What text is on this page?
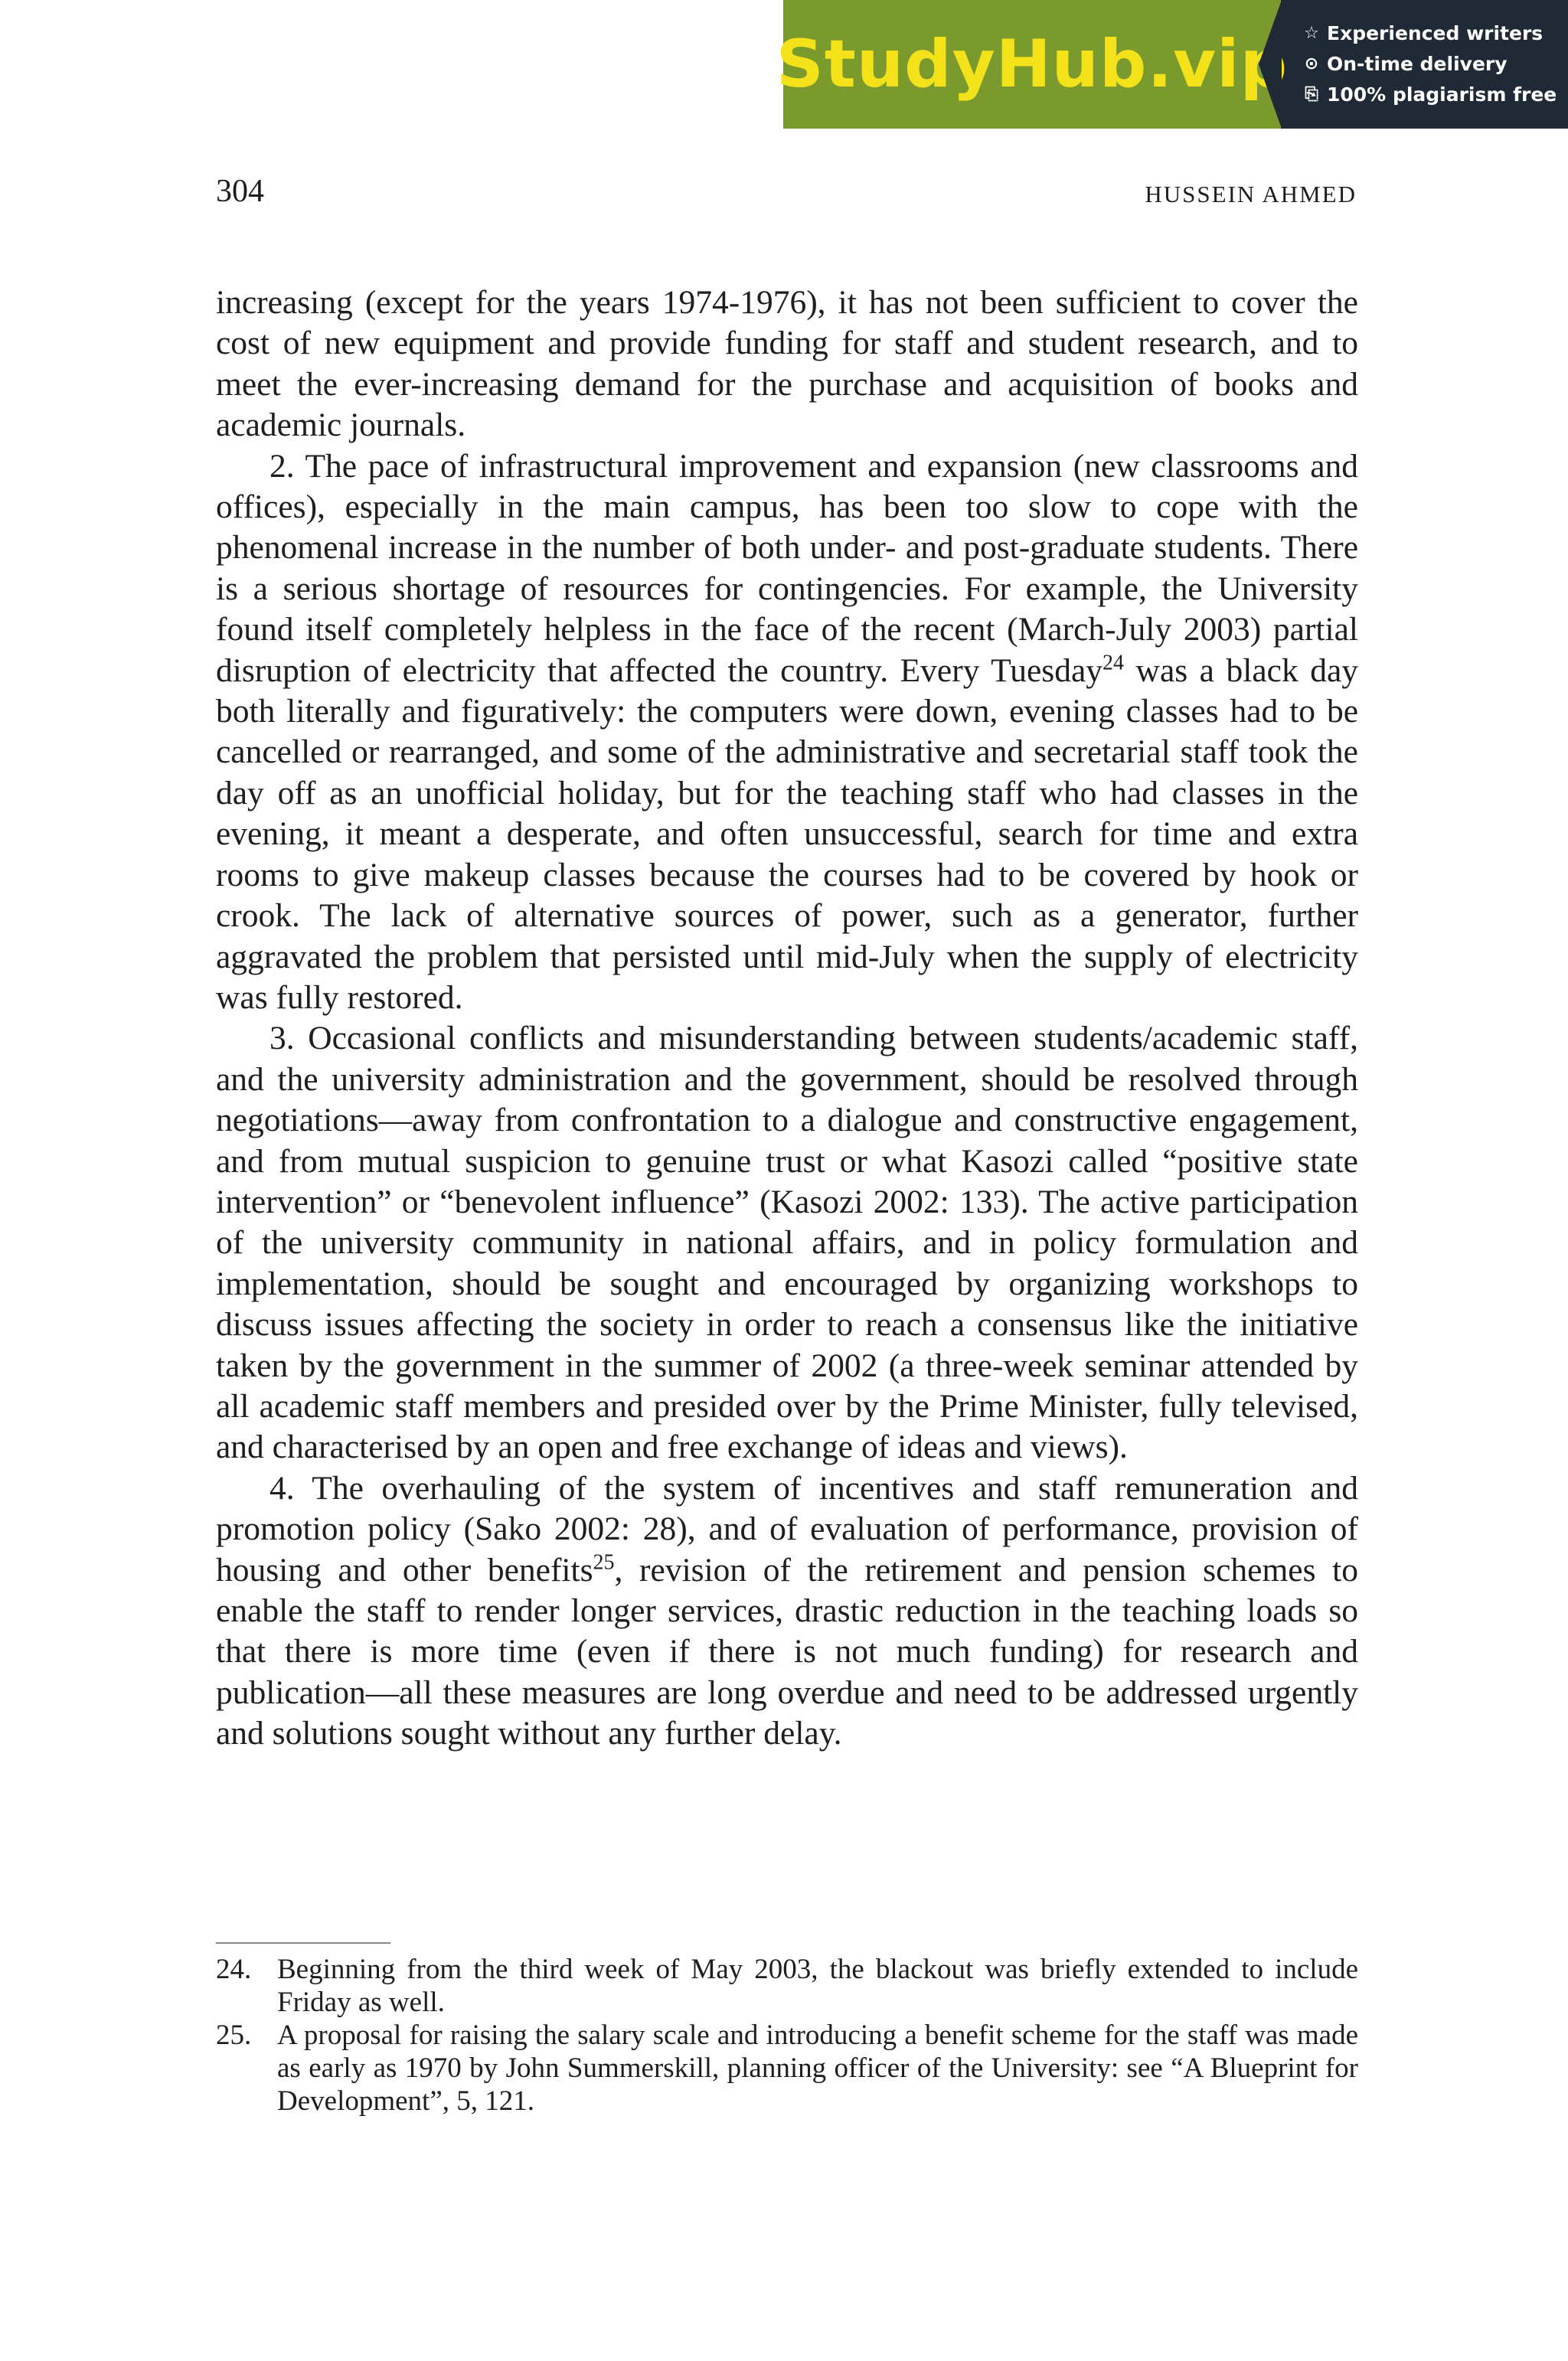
StudyHub.vip ☆ Experienced writers
⊙ On-time delivery
⎘ 100% plagiarism free
304	HUSSEIN AHMED

increasing (except for the years 1974-1976), it has not been sufficient to cover the cost of new equipment and provide funding for staff and student research, and to meet the ever-increasing demand for the purchase and acquisition of books and academic journals.

2. The pace of infrastructural improvement and expansion (new classrooms and offices), especially in the main campus, has been too slow to cope with the phenomenal increase in the number of both under- and post-graduate students. There is a serious shortage of resources for contingencies. For example, the University found itself completely helpless in the face of the recent (March-July 2003) partial disruption of electricity that affected the country. Every Tuesday$^{24}$ was a black day both literally and figuratively: the computers were down, evening classes had to be cancelled or rearranged, and some of the administrative and secretarial staff took the day off as an unofficial holiday, but for the teaching staff who had classes in the evening, it meant a desperate, and often unsuccessful, search for time and extra rooms to give makeup classes because the courses had to be covered by hook or crook. The lack of alternative sources of power, such as a generator, further aggravated the problem that persisted until mid-July when the supply of electricity was fully restored.

3. Occasional conflicts and misunderstanding between students/academic staff, and the university administration and the government, should be resolved through negotiations—away from confrontation to a dialogue and constructive engagement, and from mutual suspicion to genuine trust or what Kasozi called “positive state intervention” or “benevolent influence” (Kasozi 2002: 133). The active participation of the university community in national affairs, and in policy formulation and implementation, should be sought and encouraged by organizing workshops to discuss issues affecting the society in order to reach a consensus like the initiative taken by the government in the summer of 2002 (a three-week seminar attended by all academic staff members and presided over by the Prime Minister, fully televised, and characterised by an open and free exchange of ideas and views).

4. The overhauling of the system of incentives and staff remuneration and promotion policy (Sako 2002: 28), and of evaluation of performance, provision of housing and other benefits$^{25}$, revision of the retirement and pension schemes to enable the staff to render longer services, drastic reduction in the teaching loads so that there is more time (even if there is not much funding) for research and publication—all these measures are long overdue and need to be addressed urgently and solutions sought without any further delay.

24. Beginning from the third week of May 2003, the blackout was briefly extended to include Friday as well.
25. A proposal for raising the salary scale and introducing a benefit scheme for the staff was made as early as 1970 by John Summerskill, planning officer of the University: see “A Blueprint for Development”, 5, 121.
